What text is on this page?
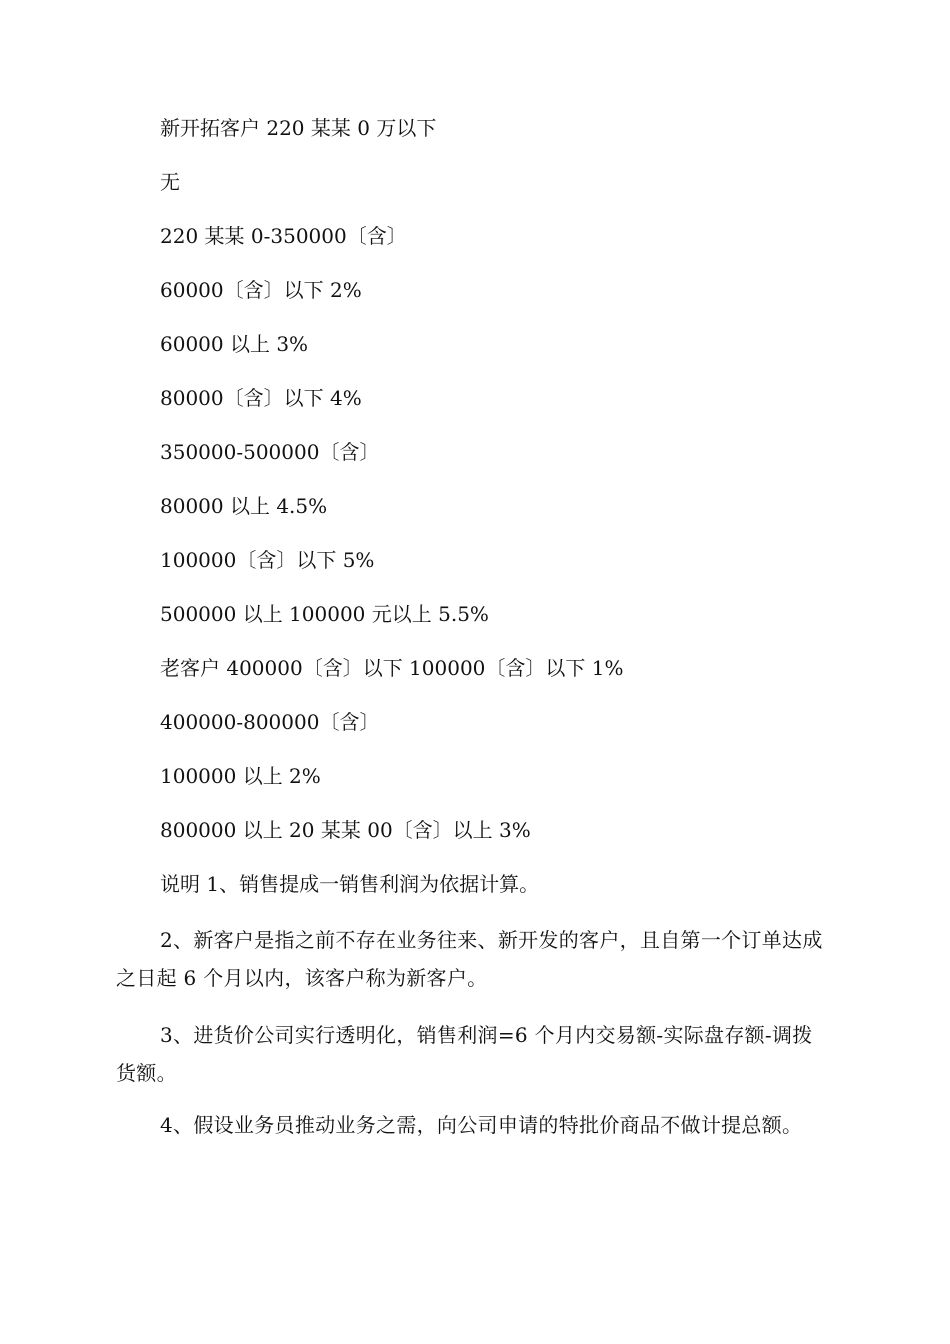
新开拓客户 220 某某 0 万以下
无
220 某某 0-350000〔含〕
60000〔含〕以下 2%
60000 以上 3%
80000〔含〕以下 4%
350000-500000〔含〕
80000 以上 4.5%
100000〔含〕以下 5%
500000 以上 100000 元以上 5.5%
老客户 400000〔含〕以下 100000〔含〕以下 1%
400000-800000〔含〕
100000 以上 2%
800000 以上 20 某某 00〔含〕以上 3%
说明 1、销售提成一销售利润为依据计算。
2、新客户是指之前不存在业务往来、新开发的客户，且自第一个订单达成之日起 6 个月以内，该客户称为新客户。
3、进货价公司实行透明化，销售利润=6 个月内交易额-实际盘存额-调拨货额。
4、假设业务员推动业务之需，向公司申请的特批价商品不做计提总额。
